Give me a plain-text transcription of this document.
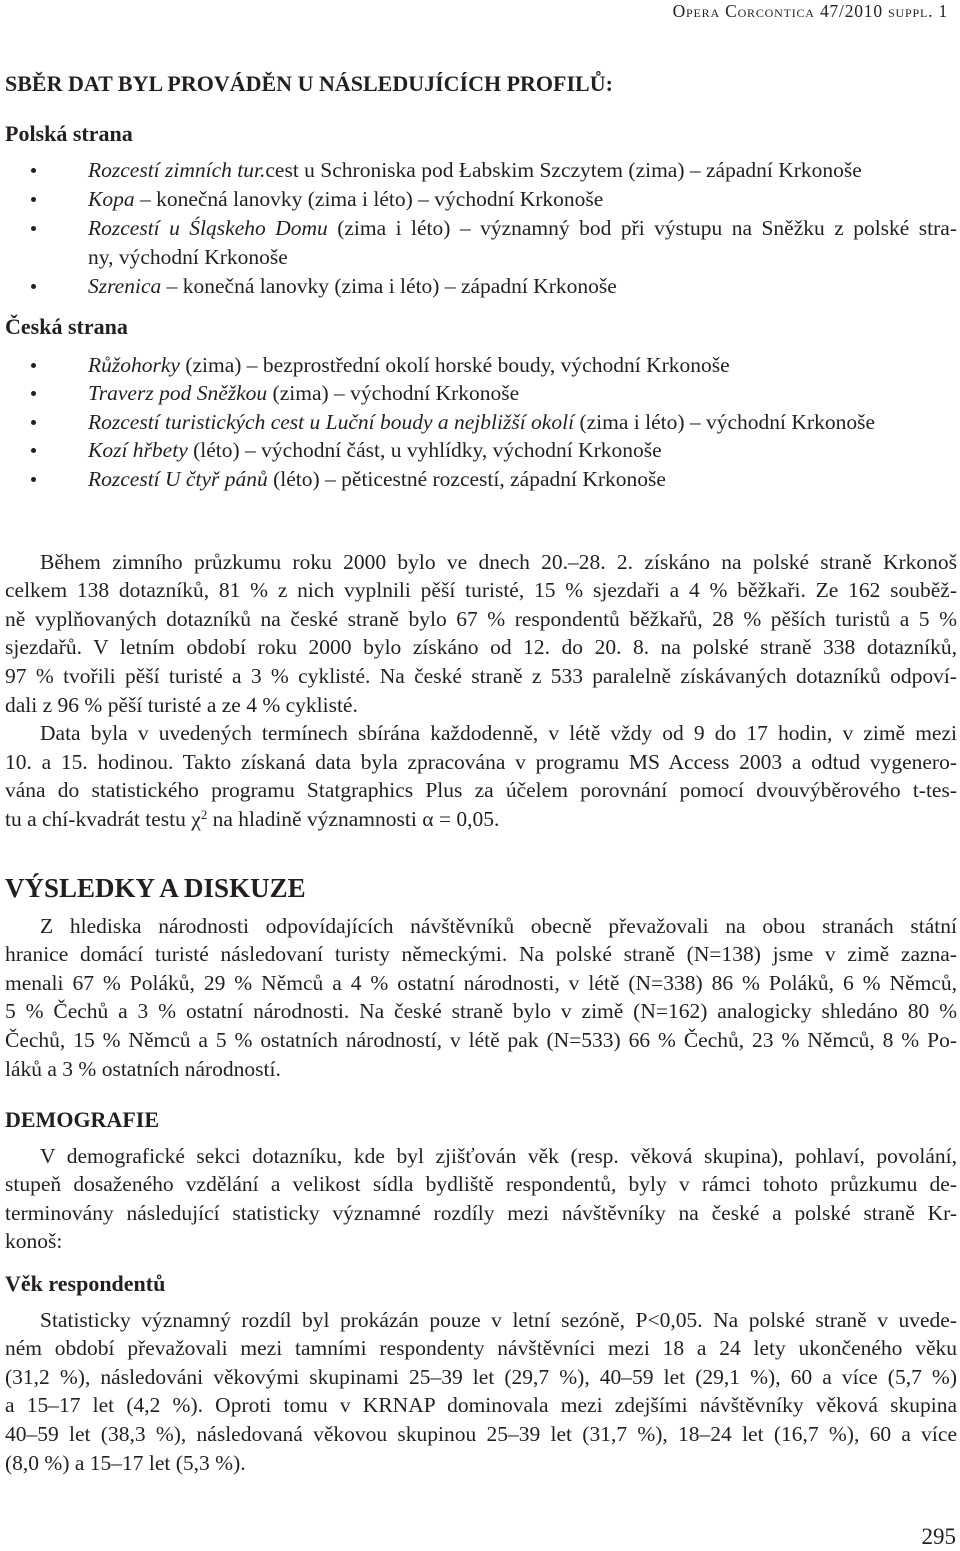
Opera Corcontica 47/2010 suppl. 1
SBĚR DAT BYL PROVÁDĚN U NÁSLEDUJÍCÍCH PROFILŮ:
Polská strana
Rozcestí zimních tur.cest u Schroniska pod Łabskim Szczytem (zima) – západní Krkonoše
Kopa – konečná lanovky (zima i léto) – východní Krkonoše
Rozcestí u Śląskeho Domu (zima i léto) – významný bod při výstupu na Sněžku z polské stra-
ny, východní Krkonoše
Szrenica – konečná lanovky (zima i léto) – západní Krkonoše
Česká strana
Růžohorky (zima) – bezprostřední okolí horské boudy, východní Krkonoše
Traverz pod Sněžkou (zima) – východní Krkonoše
Rozcestí turistických cest u Luční boudy a nejbližší okolí (zima i léto) – východní Krkonoše
Kozí hřbety (léto) – východní část, u vyhlídky, východní Krkonoše
Rozcestí U čtyř pánů (léto) – pěticestné rozcestí, západní Krkonoše
Během zimního průzkumu roku 2000 bylo ve dnech 20.–28. 2. získáno na polské straně Krkonoš
celkem 138 dotazníků, 81 % z nich vyplnili pěší turisté, 15 % sjezdaři a 4 % běžkaři. Ze 162 souběž-
ně vyplňovaných dotazníků na české straně bylo 67 % respondentů běžkařů, 28 % pěších turistů a 5 %
sjezdařů. V letním období roku 2000 bylo získáno od 12. do 20. 8. na polské straně 338 dotazníků,
97 % tvořili pěší turisté a 3 % cyklisté. Na české straně z 533 paralelně získávaných dotazníků odpoví-
dali z 96 % pěší turisté a ze 4 % cyklisté.
Data byla v uvedených termínech sbírána každodenně, v létě vždy od 9 do 17 hodin, v zimě mezi
10. a 15. hodinou. Takto získaná data byla zpracována v programu MS Access 2003 a odtud vygenero-
vána do statistického programu Statgraphics Plus za účelem porovnání pomocí dvouvýběrového t-tes-
tu a chí-kvadrát testu $\chi^2$ na hladině významnosti α = 0,05.
VÝSLEDKY A DISKUZE
Z hlediska národnosti odpovídajících návštěvníků obecně převažovali na obou stranách státní
hranice domácí turisté následovaní turisty německými. Na polské straně (N=138) jsme v zimě zazna-
menali 67 % Poláků, 29 % Němců a 4 % ostatní národnosti, v létě (N=338) 86 % Poláků, 6 % Němců,
5 % Čechů a 3 % ostatní národnosti. Na české straně bylo v zimě (N=162) analogicky shledáno 80 %
Čechů, 15 % Němců a 5 % ostatních národností, v létě pak (N=533) 66 % Čechů, 23 % Němců, 8 % Po-
láků a 3 % ostatních národností.
DEMOGRAFIE
V demografické sekci dotazníku, kde byl zjišťován věk (resp. věková skupina), pohlaví, povolání,
stupeň dosaženého vzdělání a velikost sídla bydliště respondentů, byly v rámci tohoto průzkumu de-
terminovány následující statisticky významné rozdíly mezi návštěvníky na české a polské straně Kr-
konoš:
Věk respondentů
Statisticky významný rozdíl byl prokázán pouze v letní sezóně, P<0,05. Na polské straně v uvede-
ném období převažovali mezi tamními respondenty návštěvníci mezi 18 a 24 lety ukončeného věku
(31,2 %), následováni věkovými skupinami 25–39 let (29,7 %), 40–59 let (29,1 %), 60 a více (5,7 %)
a 15–17 let (4,2 %). Oproti tomu v KRNAP dominovala mezi zdejšími návštěvníky věková skupina
40–59 let (38,3 %), následovaná věkovou skupinou 25–39 let (31,7 %), 18–24 let (16,7 %), 60 a více
(8,0 %) a 15–17 let (5,3 %).
295
